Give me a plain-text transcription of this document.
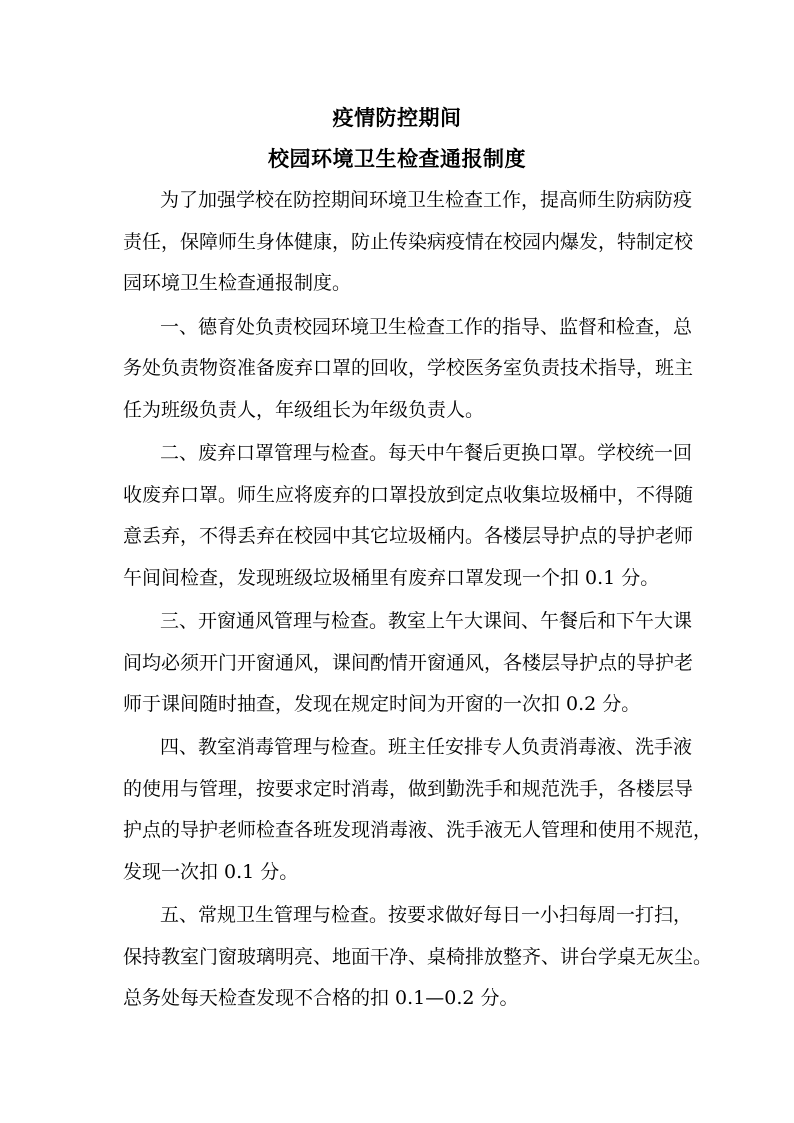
疫情防控期间
校园环境卫生检查通报制度
为了加强学校在防控期间环境卫生检查工作，提高师生防病防疫
责任，保障师生身体健康，防止传染病疫情在校园内爆发，特制定校
园环境卫生检查通报制度。
一、德育处负责校园环境卫生检查工作的指导、监督和检查，总
务处负责物资准备废弃口罩的回收，学校医务室负责技术指导，班主
任为班级负责人，年级组长为年级负责人。
二、废弃口罩管理与检查。每天中午餐后更换口罩。学校统一回
收废弃口罩。师生应将废弃的口罩投放到定点收集垃圾桶中，不得随
意丢弃，不得丢弃在校园中其它垃圾桶内。各楼层导护点的导护老师
午间间检查，发现班级垃圾桶里有废弃口罩发现一个扣 0.1 分。
三、开窗通风管理与检查。教室上午大课间、午餐后和下午大课
间均必须开门开窗通风，课间酌情开窗通风，各楼层导护点的导护老
师于课间随时抽查，发现在规定时间为开窗的一次扣 0.2 分。
四、教室消毒管理与检查。班主任安排专人负责消毒液、洗手液
的使用与管理，按要求定时消毒，做到勤洗手和规范洗手，各楼层导
护点的导护老师检查各班发现消毒液、洗手液无人管理和使用不规范，
发现一次扣 0.1 分。
五、常规卫生管理与检查。按要求做好每日一小扫每周一打扫，
保持教室门窗玻璃明亮、地面干净、桌椅排放整齐、讲台学桌无灰尘。
总务处每天检查发现不合格的扣 0.1—0.2 分。
